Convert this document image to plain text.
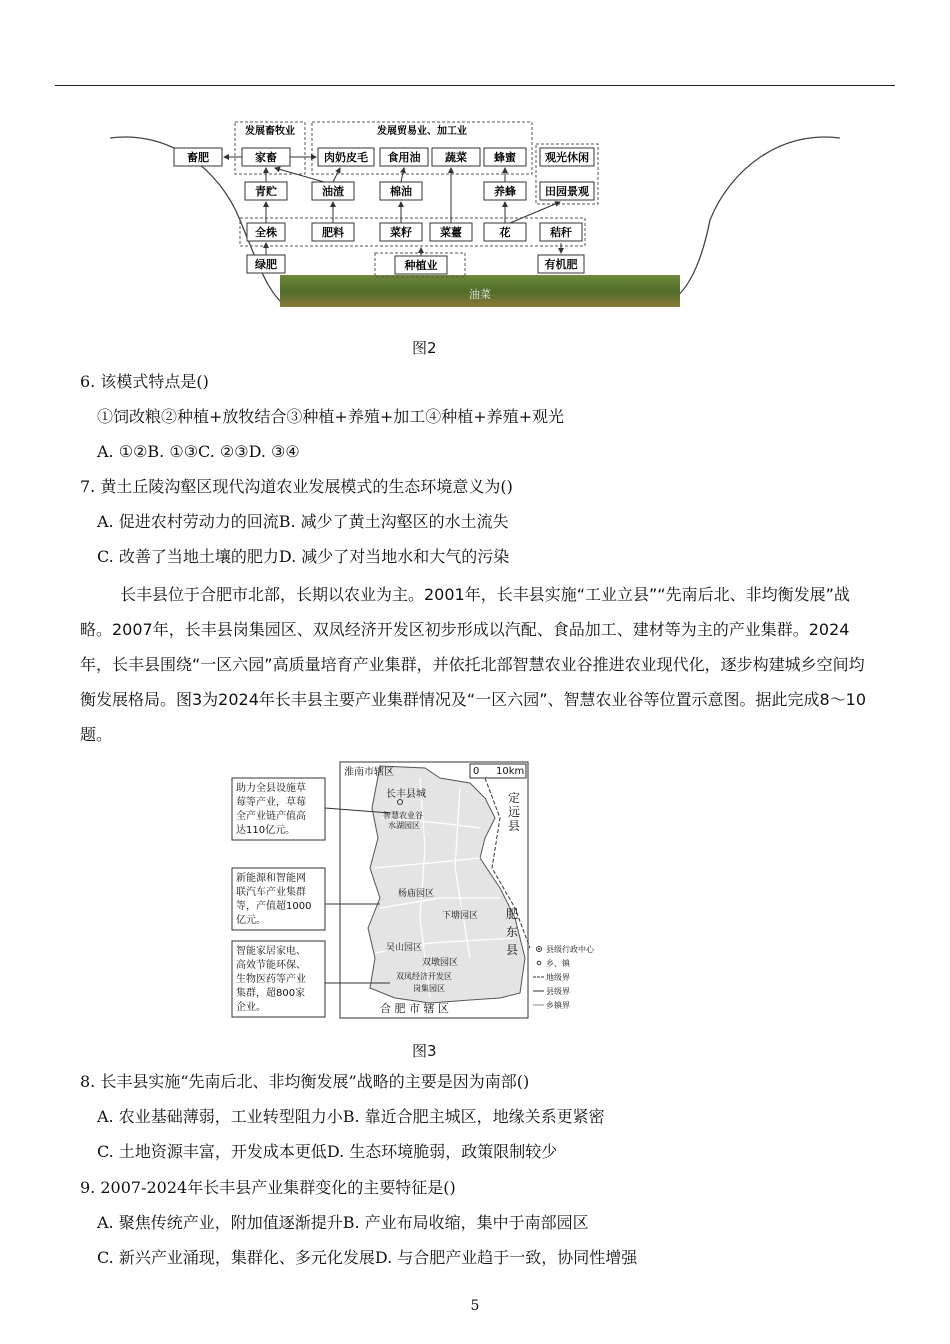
油菜
发展畜牧业	发展贸易业、加工业
畜肥	家畜	肉奶皮毛 食用油 蔬菜 蜂蜜	观光休闲
青贮	油渣	棉油	养蜂	田园景观
全株	肥料	菜籽	菜薹	花	秸秆
绿肥	种植业	有机肥
图2
6. 该模式特点是()
①饲改粮②种植+放牧结合③种植+养殖+加工④种植+养殖+观光
A. ①②B. ①③C. ②③D. ③④
7. 黄土丘陵沟壑区现代沟道农业发展模式的生态环境意义为()
A. 促进农村劳动力的回流B. 减少了黄土沟壑区的水土流失
C. 改善了当地土壤的肥力D. 减少了对当地水和大气的污染
长丰县位于合肥市北部，长期以农业为主。2001年，长丰县实施“工业立县”“先南后北、非均衡发展”战略。2007年，长丰县岗集园区、双凤经济开发区初步形成以汽配、食品加工、建材等为主的产业集群。2024年，长丰县围绕“一区六园”高质量培育产业集群，并依托北部智慧农业谷推进农业现代化，逐步构建城乡空间均衡发展格局。图3为2024年长丰县主要产业集群情况及“一区六园”、智慧农业谷等位置示意图。据此完成8～10题。
助力全县设施草
莓等产业，草莓
全产业链产值高
达110亿元。
新能源和智能网
联汽车产业集群
等，产值超1000
亿元。
智能家居家电、
高效节能环保、
生物医药等产业
集群，超800家
企业。
淮南市辖区	0 10km
长丰县城
智慧农业谷
水湖园区
定
远
县
杨庙园区
下塘园区 肥
东
县
吴山园区
双墩园区
双凤经济开发区
岗集园区
合 肥 市 辖 区
县级行政中心
乡、镇
地级界
县级界
乡镇界
图3
8. 长丰县实施“先南后北、非均衡发展”战略的主要是因为南部()
A. 农业基础薄弱，工业转型阻力小B. 靠近合肥主城区，地缘关系更紧密
C. 土地资源丰富，开发成本更低D. 生态环境脆弱，政策限制较少
9. 2007-2024年长丰县产业集群变化的主要特征是()
A. 聚焦传统产业，附加值逐渐提升B. 产业布局收缩，集中于南部园区
C. 新兴产业涌现，集群化、多元化发展D. 与合肥产业趋于一致，协同性增强
5
